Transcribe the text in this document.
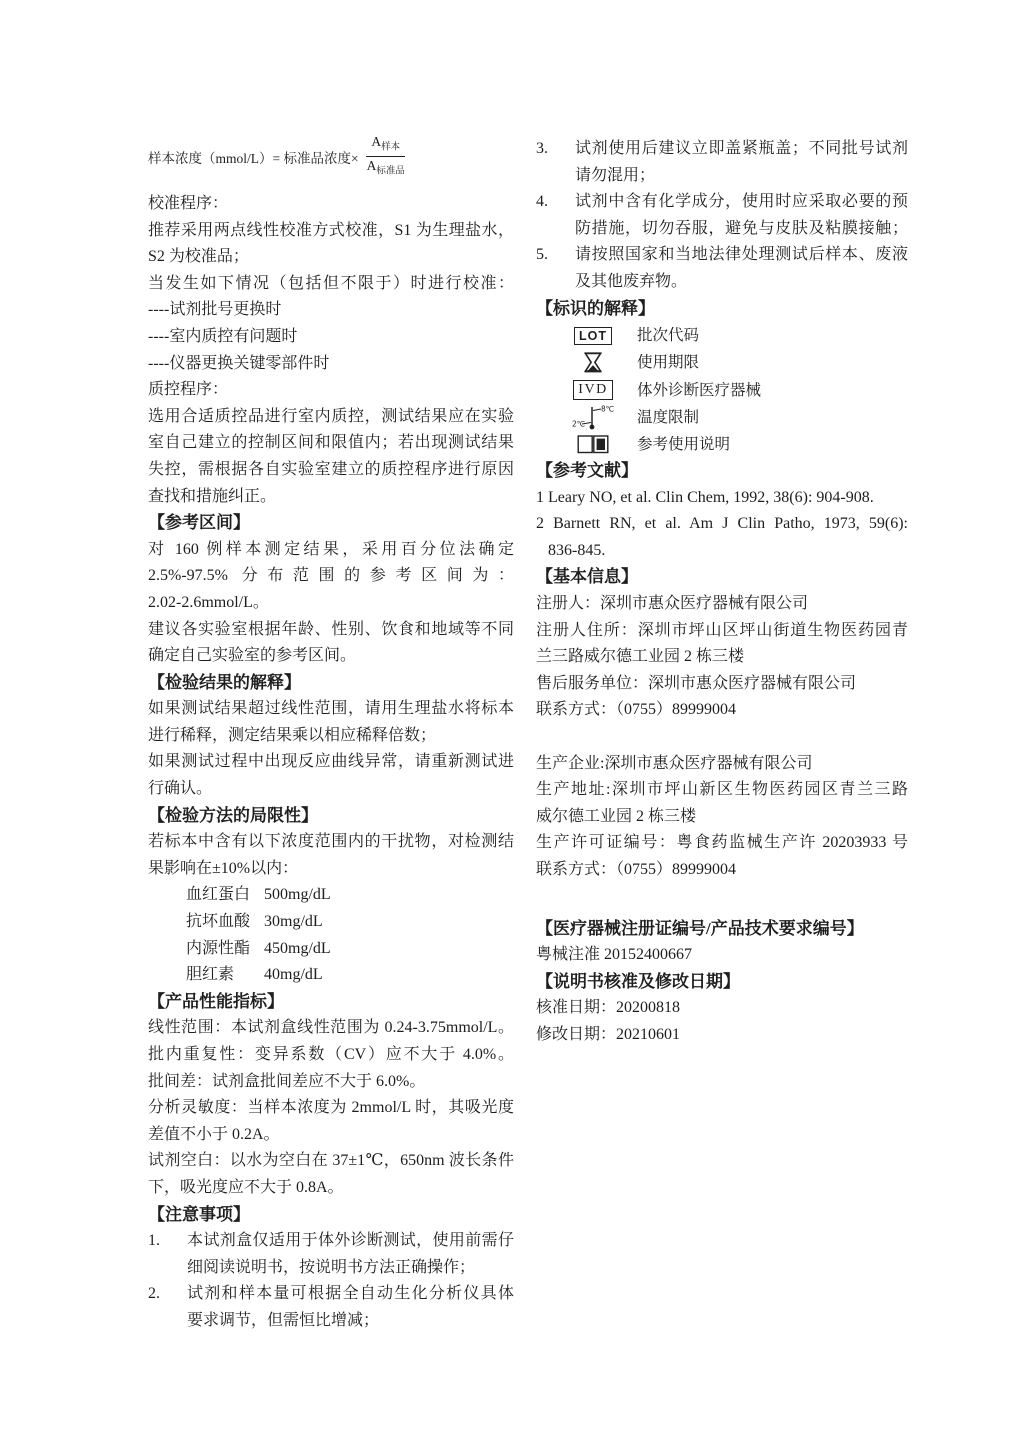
样本浓度（mmol/L）= 标准品浓度× $\frac{A_{样本}}{A_{标准品}}$

校准程序：

推荐采用两点线性校准方式校准，S1 为生理盐水，

S2 为校准品；

当发生如下情况（包括但不限于）时进行校准：

----试剂批号更换时

----室内质控有问题时

----仪器更换关键零部件时

质控程序：

选用合适质控品进行室内质控，测试结果应在实验

室自己建立的控制区间和限值内；若出现测试结果

失控，需根据各自实验室建立的质控程序进行原因

查找和措施纠正。

【参考区间】

对 160 例样本测定结果，采用百分位法确定

2.5%-97.5% 分布范围的参考区间为：

2.02-2.6mmol/L。

建议各实验室根据年龄、性别、饮食和地域等不同

确定自己实验室的参考区间。

【检验结果的解释】

如果测试结果超过线性范围，请用生理盐水将标本

进行稀释，测定结果乘以相应稀释倍数；

如果测试过程中出现反应曲线异常，请重新测试进

行确认。

【检验方法的局限性】

若标本中含有以下浓度范围内的干扰物，对检测结

果影响在±10%以内：

血红蛋白 500mg/dL

抗坏血酸 30mg/dL

内源性酯 450mg/dL

胆红素 40mg/dL

【产品性能指标】

线性范围：本试剂盒线性范围为 0.24-3.75mmol/L。

批内重复性：变异系数（CV）应不大于 4.0%。

批间差：试剂盒批间差应不大于 6.0%。

分析灵敏度：当样本浓度为 2mmol/L 时，其吸光度

差值不小于 0.2A。

试剂空白：以水为空白在 37±1℃，650nm 波长条件

下，吸光度应不大于 0.8A。

【注意事项】

1. 本试剂盒仅适用于体外诊断测试，使用前需仔

细阅读说明书，按说明书方法正确操作；

2. 试剂和样本量可根据全自动生化分析仪具体

要求调节，但需恒比增减；

3. 试剂使用后建议立即盖紧瓶盖；不同批号试剂

请勿混用；

4. 试剂中含有化学成分，使用时应采取必要的预

防措施，切勿吞服，避免与皮肤及粘膜接触；

5. 请按照国家和当地法律处理测试后样本、废液

及其他废弃物。

【标识的解释】

LOT	批次代码
使用期限
IVD	体外诊断医疗器械
8℃
2℃	温度限制
i 参考使用说明

【参考文献】

1 Leary NO, et al. Clin Chem, 1992, 38(6): 904-908.

2 Barnett RN, et al. Am J Clin Patho, 1973, 59(6):

836-845.

【基本信息】

注册人：深圳市惠众医疗器械有限公司

注册人住所：深圳市坪山区坪山街道生物医药园青

兰三路威尔德工业园 2 栋三楼

售后服务单位：深圳市惠众医疗器械有限公司

联系方式：（0755）89999004

生产企业:深圳市惠众医疗器械有限公司

生产地址:深圳市坪山新区生物医药园区青兰三路

威尔德工业园 2 栋三楼

生产许可证编号：粤食药监械生产许 20203933 号

联系方式：（0755）89999004

【医疗器械注册证编号/产品技术要求编号】

粤械注准 20152400667

【说明书核准及修改日期】

核准日期：20200818

修改日期：20210601
